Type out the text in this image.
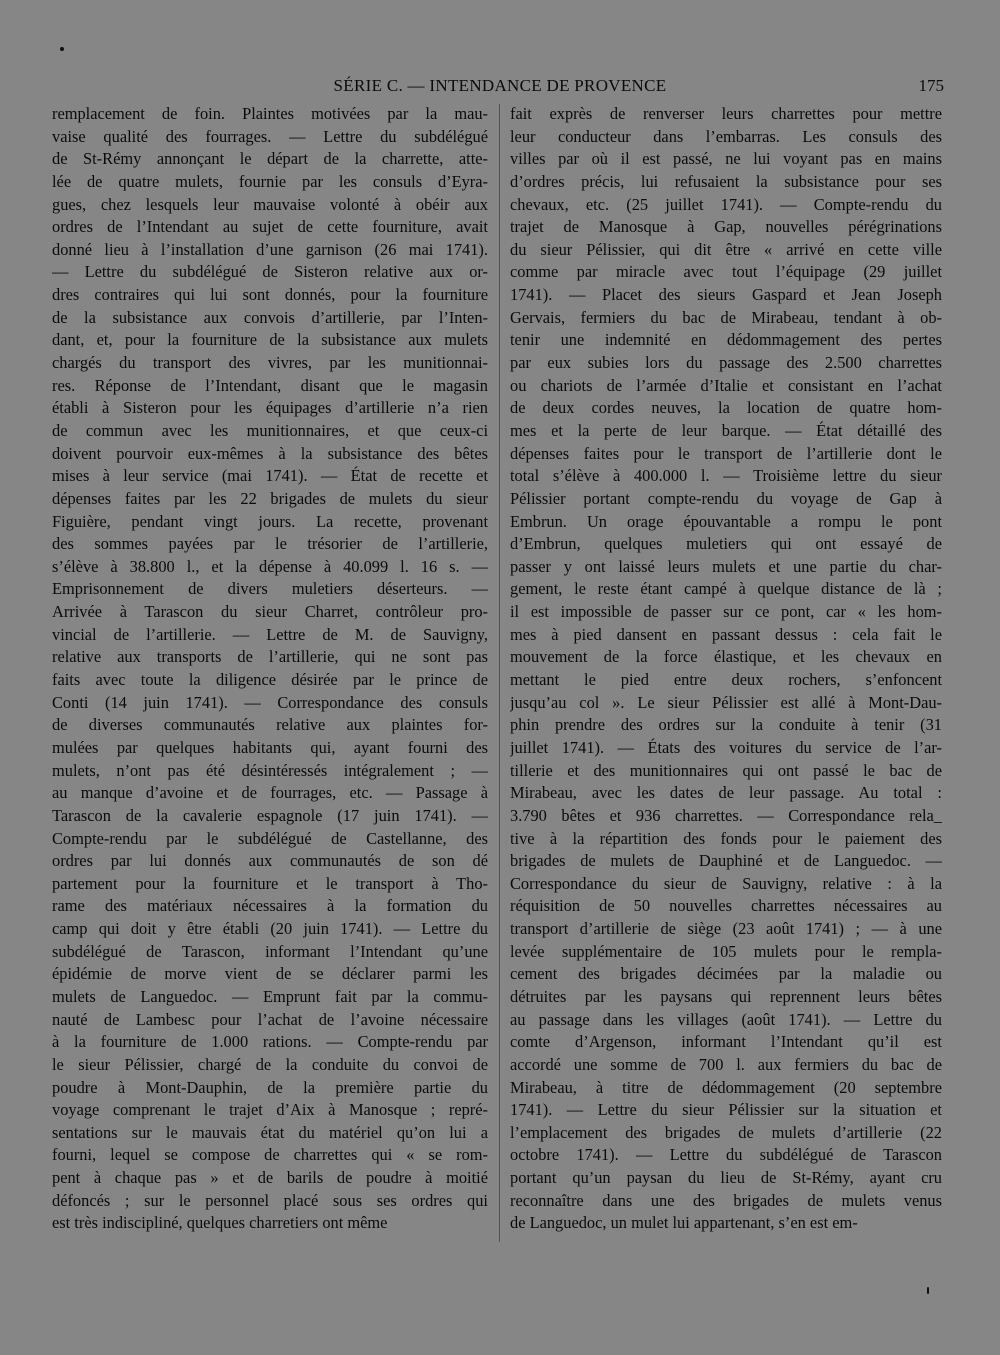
SÉRIE C. — INTENDANCE DE PROVENCE	175
remplacement de foin. Plaintes motivées par la mau-
vaise qualité des fourrages. — Lettre du subdélégué
de St-Rémy annonçant le départ de la charrette, atte-
lée de quatre mulets, fournie par les consuls d’Eyra-
gues, chez lesquels leur mauvaise volonté à obéir aux
ordres de l’Intendant au sujet de cette fourniture, avait
donné lieu à l’installation d’une garnison (26 mai 1741).
— Lettre du subdélégué de Sisteron relative aux or-
dres contraires qui lui sont donnés, pour la fourniture
de la subsistance aux convois d’artillerie, par l’Inten-
dant, et, pour la fourniture de la subsistance aux mulets
chargés du transport des vivres, par les munitionnai-
res. Réponse de l’Intendant, disant que le magasin
établi à Sisteron pour les équipages d’artillerie n’a rien
de commun avec les munitionnaires, et que ceux-ci
doivent pourvoir eux-mêmes à la subsistance des bêtes
mises à leur service (mai 1741). — État de recette et
dépenses faites par les 22 brigades de mulets du sieur
Figuière, pendant vingt jours. La recette, provenant
des sommes payées par le trésorier de l’artillerie,
s’élève à 38.800 l., et la dépense à 40.099 l. 16 s. —
Emprisonnement de divers muletiers déserteurs. —
Arrivée à Tarascon du sieur Charret, contrôleur pro-
vincial de l’artillerie. — Lettre de M. de Sauvigny,
relative aux transports de l’artillerie, qui ne sont pas
faits avec toute la diligence désirée par le prince de
Conti (14 juin 1741). — Correspondance des consuls
de diverses communautés relative aux plaintes for-
mulées par quelques habitants qui, ayant fourni des
mulets, n’ont pas été désintéressés intégralement ; —
au manque d’avoine et de fourrages, etc. — Passage à
Tarascon de la cavalerie espagnole (17 juin 1741). —
Compte-rendu par le subdélégué de Castellanne, des
ordres par lui donnés aux communautés de son dé
partement pour la fourniture et le transport à Tho-
rame des matériaux nécessaires à la formation du
camp qui doit y être établi (20 juin 1741). — Lettre du
subdélégué de Tarascon, informant l’Intendant qu’une
épidémie de morve vient de se déclarer parmi les
mulets de Languedoc. — Emprunt fait par la commu-
nauté de Lambesc pour l’achat de l’avoine nécessaire
à la fourniture de 1.000 rations. — Compte-rendu par
le sieur Pélissier, chargé de la conduite du convoi de
poudre à Mont-Dauphin, de la première partie du
voyage comprenant le trajet d’Aix à Manosque ; repré-
sentations sur le mauvais état du matériel qu’on lui a
fourni, lequel se compose de charrettes qui « se rom-
pent à chaque pas » et de barils de poudre à moitié
défoncés ; sur le personnel placé sous ses ordres qui
est très indiscipliné, quelques charretiers ont même
fait exprès de renverser leurs charrettes pour mettre
leur conducteur dans l’embarras. Les consuls des
villes par où il est passé, ne lui voyant pas en mains
d’ordres précis, lui refusaient la subsistance pour ses
chevaux, etc. (25 juillet 1741). — Compte-rendu du
trajet de Manosque à Gap, nouvelles pérégrinations
du sieur Pélissier, qui dit être « arrivé en cette ville
comme par miracle avec tout l’équipage (29 juillet
1741). — Placet des sieurs Gaspard et Jean Joseph
Gervais, fermiers du bac de Mirabeau, tendant à ob-
tenir une indemnité en dédommagement des pertes
par eux subies lors du passage des 2.500 charrettes
ou chariots de l’armée d’Italie et consistant en l’achat
de deux cordes neuves, la location de quatre hom-
mes et la perte de leur barque. — État détaillé des
dépenses faites pour le transport de l’artillerie dont le
total s’élève à 400.000 l. — Troisième lettre du sieur
Pélissier portant compte-rendu du voyage de Gap à
Embrun. Un orage épouvantable a rompu le pont
d’Embrun, quelques muletiers qui ont essayé de
passer y ont laissé leurs mulets et une partie du char-
gement, le reste étant campé à quelque distance de là ;
il est impossible de passer sur ce pont, car « les hom-
mes à pied dansent en passant dessus : cela fait le
mouvement de la force élastique, et les chevaux en
mettant le pied entre deux rochers, s’enfoncent
jusqu’au col ». Le sieur Pélissier est allé à Mont-Dau-
phin prendre des ordres sur la conduite à tenir (31
juillet 1741). — États des voitures du service de l’ar-
tillerie et des munitionnaires qui ont passé le bac de
Mirabeau, avec les dates de leur passage. Au total :
3.790 bêtes et 936 charrettes. — Correspondance rela_
tive à la répartition des fonds pour le paiement des
brigades de mulets de Dauphiné et de Languedoc. —
Correspondance du sieur de Sauvigny, relative : à la
réquisition de 50 nouvelles charrettes nécessaires au
transport d’artillerie de siège (23 août 1741) ; — à une
levée supplémentaire de 105 mulets pour le rempla-
cement des brigades décimées par la maladie ou
détruites par les paysans qui reprennent leurs bêtes
au passage dans les villages (août 1741). — Lettre du
comte d’Argenson, informant l’Intendant qu’il est
accordé une somme de 700 l. aux fermiers du bac de
Mirabeau, à titre de dédommagement (20 septembre
1741). — Lettre du sieur Pélissier sur la situation et
l’emplacement des brigades de mulets d’artillerie (22
octobre 1741). — Lettre du subdélégué de Tarascon
portant qu’un paysan du lieu de St-Rémy, ayant cru
reconnaître dans une des brigades de mulets venus
de Languedoc, un mulet lui appartenant, s’en est em-
